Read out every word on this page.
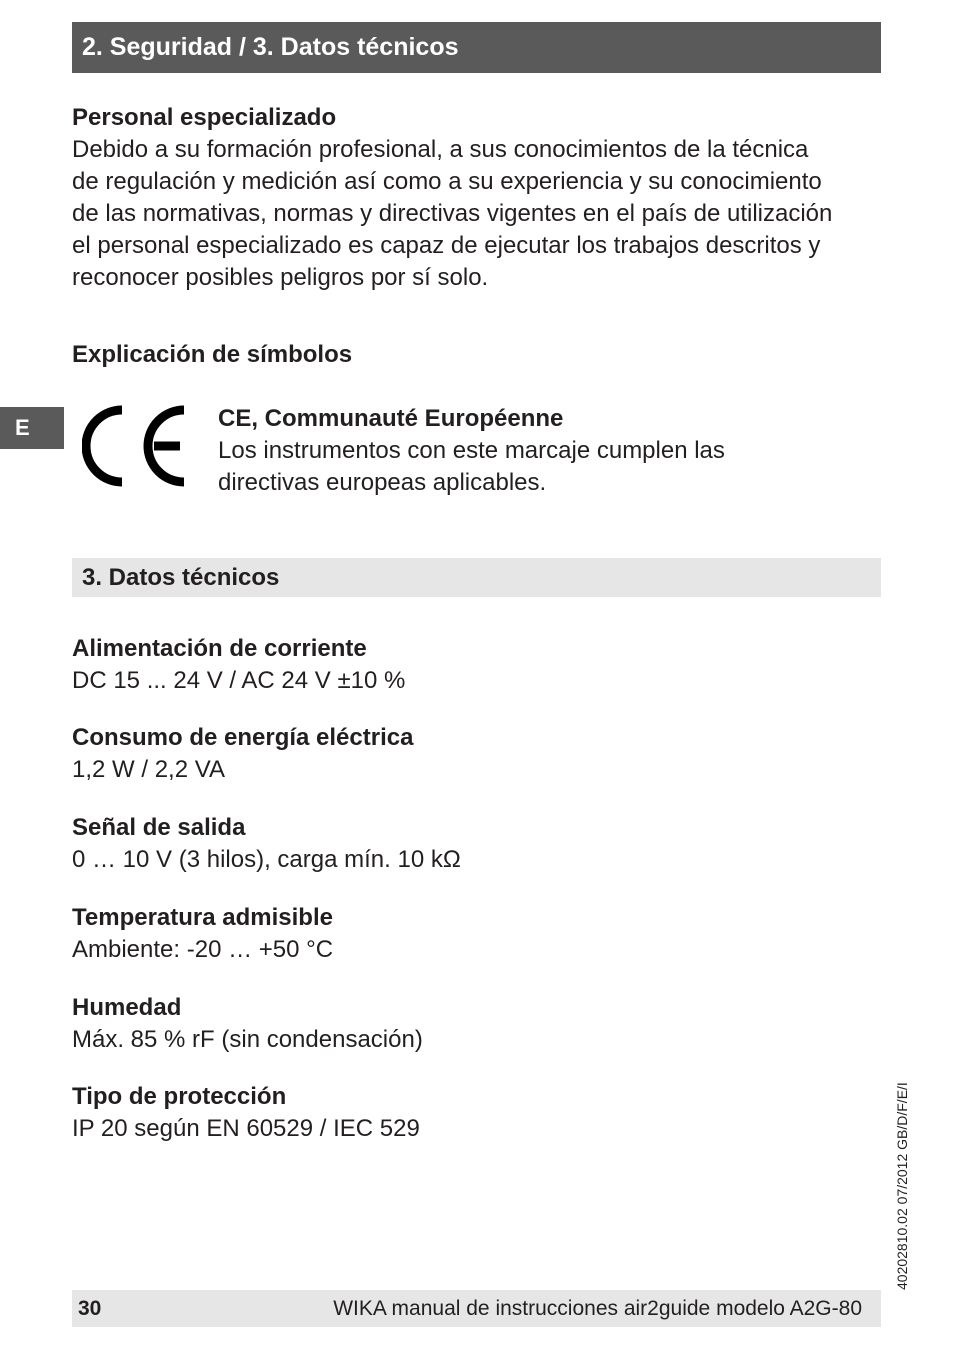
2. Seguridad / 3. Datos técnicos

Personal especializado

Debido a su formación profesional, a sus conocimientos de la técnica

de regulación y medición así como a su experiencia y su conocimiento

de las normativas, normas y directivas vigentes en el país de utilización

el personal especializado es capaz de ejecutar los trabajos descritos y

reconocer posibles peligros por sí solo.

Explicación de símbolos

E	CE, Communauté Européenne

Los instrumentos con este marcaje cumplen las

directivas europeas aplicables.

3. Datos técnicos

Alimentación de corriente

DC 15 ... 24 V / AC 24 V ±10 %

Consumo de energía eléctrica

1,2 W / 2,2 VA

Señal de salida

0 … 10 V (3 hilos), carga mín. 10 kΩ

Temperatura admisible

Ambiente: -20 … +50 °C

Humedad

Máx. 85 % rF (sin condensación)

Tipo de protección

IP 20 según EN 60529 / IEC 529	40202810.02 07/2012 GB/D/F/E/I
30	WIKA manual de instrucciones air2guide modelo A2G-80
